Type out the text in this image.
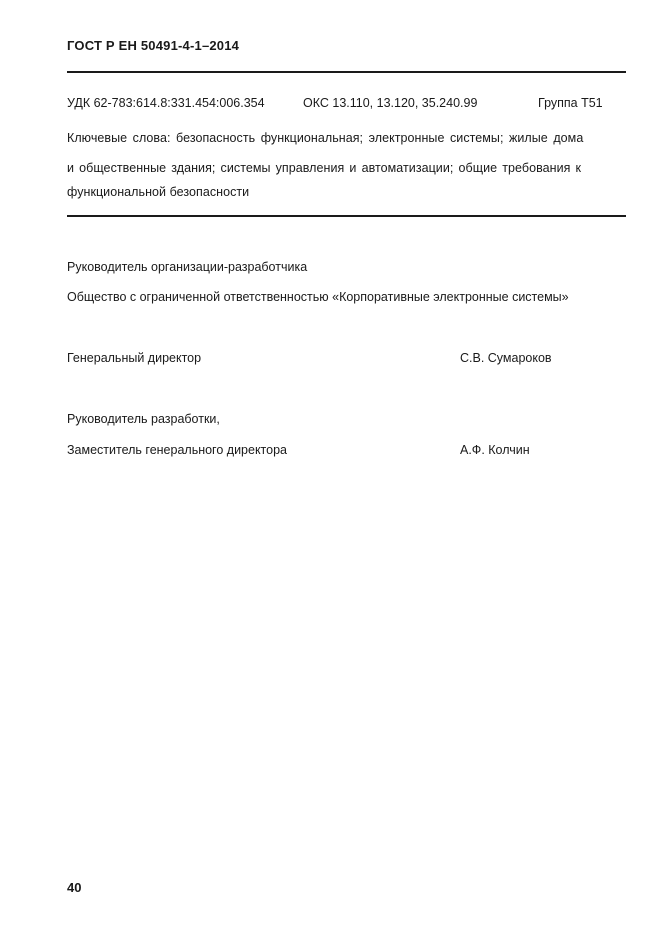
ГОСТ Р ЕН 50491-4-1–2014
УДК 62-783:614.8:331.454:006.354	ОКС 13.110, 13.120, 35.240.99	Группа Т51
Ключевые слова: безопасность функциональная; электронные системы; жилые дома
и общественные здания; системы управления и автоматизации; общие требования к
функциональной безопасности
Руководитель организации-разработчика
Общество с ограниченной ответственностью «Корпоративные электронные системы»
Генеральный директор	С.В. Сумароков
Руководитель разработки,
Заместитель генерального директора	А.Ф. Колчин
40
